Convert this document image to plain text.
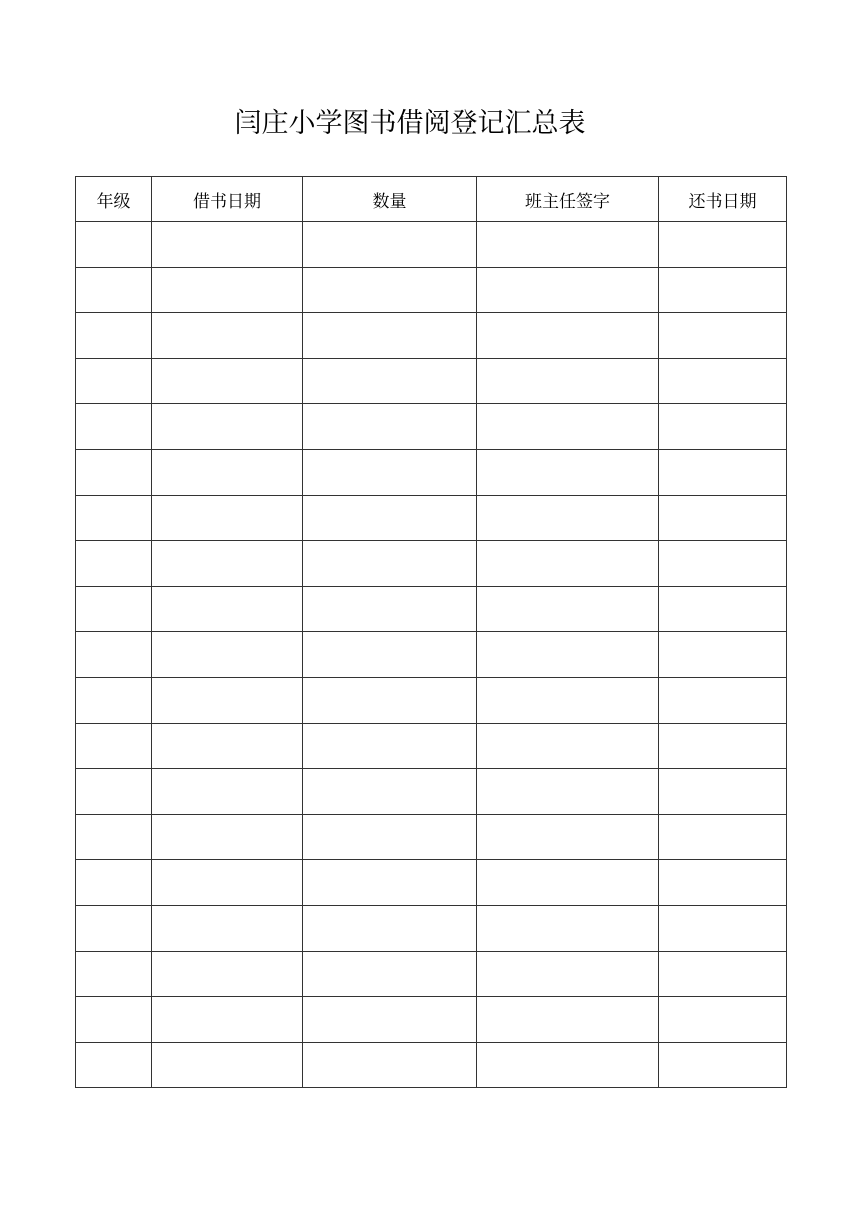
闫庄小学图书借阅登记汇总表
年级	借书日期	数量	班主任签字	还书日期
